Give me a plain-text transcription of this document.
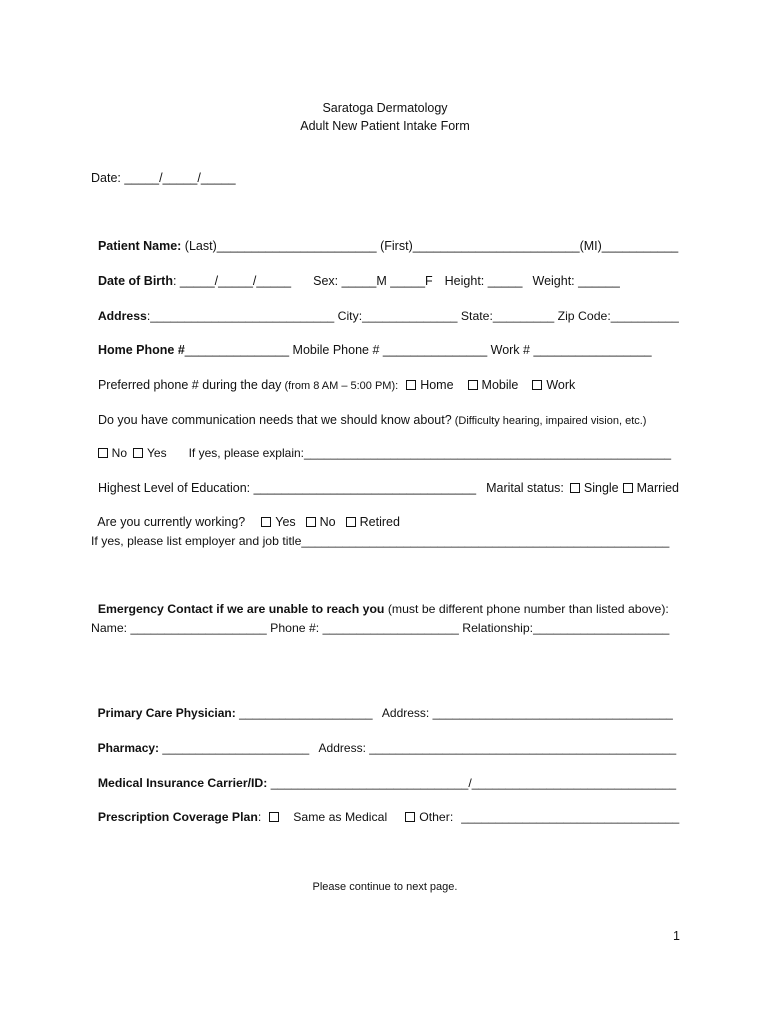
Saratoga Dermatology
Adult New Patient Intake Form
Date: _____/_____/_____

Patient Name: (Last)_______________________ (First)________________________(MI)___________

Date of Birth: _____/_____/_____ Sex: _____M _____F Height: _____ Weight: ______

Address:___________________________ City:______________ State:_________ Zip Code:__________

Home Phone #_______________ Mobile Phone # _______________ Work # _________________

Preferred phone # during the day (from 8 AM – 5:00 PM): Home Mobile Work

Do you have communication needs that we should know about? (Difficulty hearing, impaired vision, etc.)

No Yes If yes, please explain:_______________________________________________________

Highest Level of Education: ________________________________ Marital status: Single Married

Are you currently working? Yes No Retired

If yes, please list employer and job title______________________________________________________

Emergency Contact if we are unable to reach you (must be different phone number than listed above):

Name: ____________________ Phone #: ____________________ Relationship:____________________

Primary Care Physician: ____________________   Address: ____________________________________

Pharmacy: ______________________   Address: ______________________________________________

Medical Insurance Carrier/ID: _____________________________/______________________________

Prescription Coverage Plan:	Same as Medical	Other: ________________________________

Please continue to next page.
1
